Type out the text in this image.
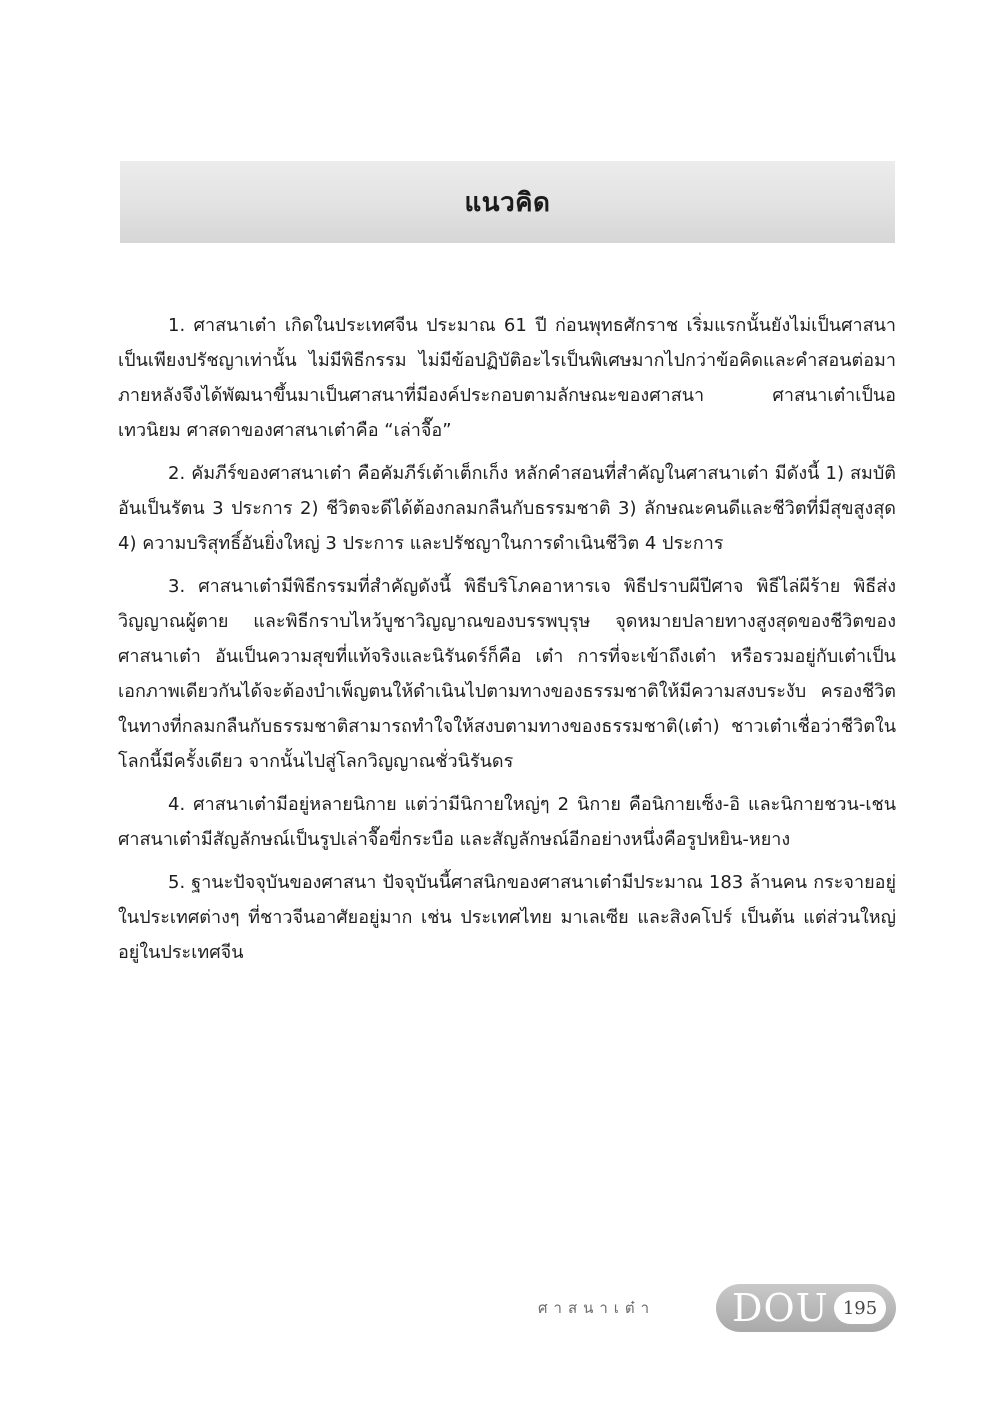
แนวคิด

1. ศาสนาเต๋า เกิดในประเทศจีน ประมาณ 61 ปี ก่อนพุทธศักราช เริ่มแรกนั้นยังไม่เป็นศาสนา เป็นเพียงปรัชญาเท่านั้น ไม่มีพิธีกรรม ไม่มีข้อปฏิบัติอะไรเป็นพิเศษมากไปกว่าข้อคิดและคำสอนต่อมาภายหลังจึงได้พัฒนาขึ้นมาเป็นศาสนาที่มีองค์ประกอบตามลักษณะของศาสนา ศาสนาเต๋าเป็นอเทวนิยม ศาสดาของศาสนาเต๋าคือ “เล่าจื๊อ”

2. คัมภีร์ของศาสนาเต๋า คือคัมภีร์เต้าเต็กเก็ง หลักคำสอนที่สำคัญในศาสนาเต๋า มีดังนี้ 1) สมบัติอันเป็นรัตน 3 ประการ 2) ชีวิตจะดีได้ต้องกลมกลืนกับธรรมชาติ 3) ลักษณะคนดีและชีวิตที่มีสุขสูงสุด 4) ความบริสุทธิ์อันยิ่งใหญ่ 3 ประการ และปรัชญาในการดำเนินชีวิต 4 ประการ

3. ศาสนาเต๋ามีพิธีกรรมที่สำคัญดังนี้ พิธีบริโภคอาหารเจ พิธีปราบผีปีศาจ พิธีไล่ผีร้าย พิธีส่งวิญญาณผู้ตาย และพิธีกราบไหว้บูชาวิญญาณของบรรพบุรุษ จุดหมายปลายทางสูงสุดของชีวิตของศาสนาเต๋า อันเป็นความสุขที่แท้จริงและนิรันดร์ก็คือ เต๋า การที่จะเข้าถึงเต๋า หรือรวมอยู่กับเต๋าเป็นเอกภาพเดียวกันได้จะต้องบำเพ็ญตนให้ดำเนินไปตามทางของธรรมชาติให้มีความสงบระงับ ครองชีวิตในทางที่กลมกลืนกับธรรมชาติสามารถทำใจให้สงบตามทางของธรรมชาติ(เต๋า) ชาวเต๋าเชื่อว่าชีวิตในโลกนี้มีครั้งเดียว จากนั้นไปสู่โลกวิญญาณชั่วนิรันดร

4. ศาสนาเต๋ามีอยู่หลายนิกาย แต่ว่ามีนิกายใหญ่ๆ 2 นิกาย คือนิกายเซ็ง-อิ และนิกายชวน-เชน ศาสนาเต๋ามีสัญลักษณ์เป็นรูปเล่าจื๊อขี่กระบือ และสัญลักษณ์อีกอย่างหนึ่งคือรูปหยิน-หยาง

5. ฐานะปัจจุบันของศาสนา ปัจจุบันนี้ศาสนิกของศาสนาเต๋ามีประมาณ 183 ล้านคน กระจายอยู่ในประเทศต่างๆ ที่ชาวจีนอาศัยอยู่มาก เช่น ประเทศไทย มาเลเซีย และสิงคโปร์ เป็นต้น แต่ส่วนใหญ่ อยู่ในประเทศจีน

ศาสนาเต๋า DOU 195
